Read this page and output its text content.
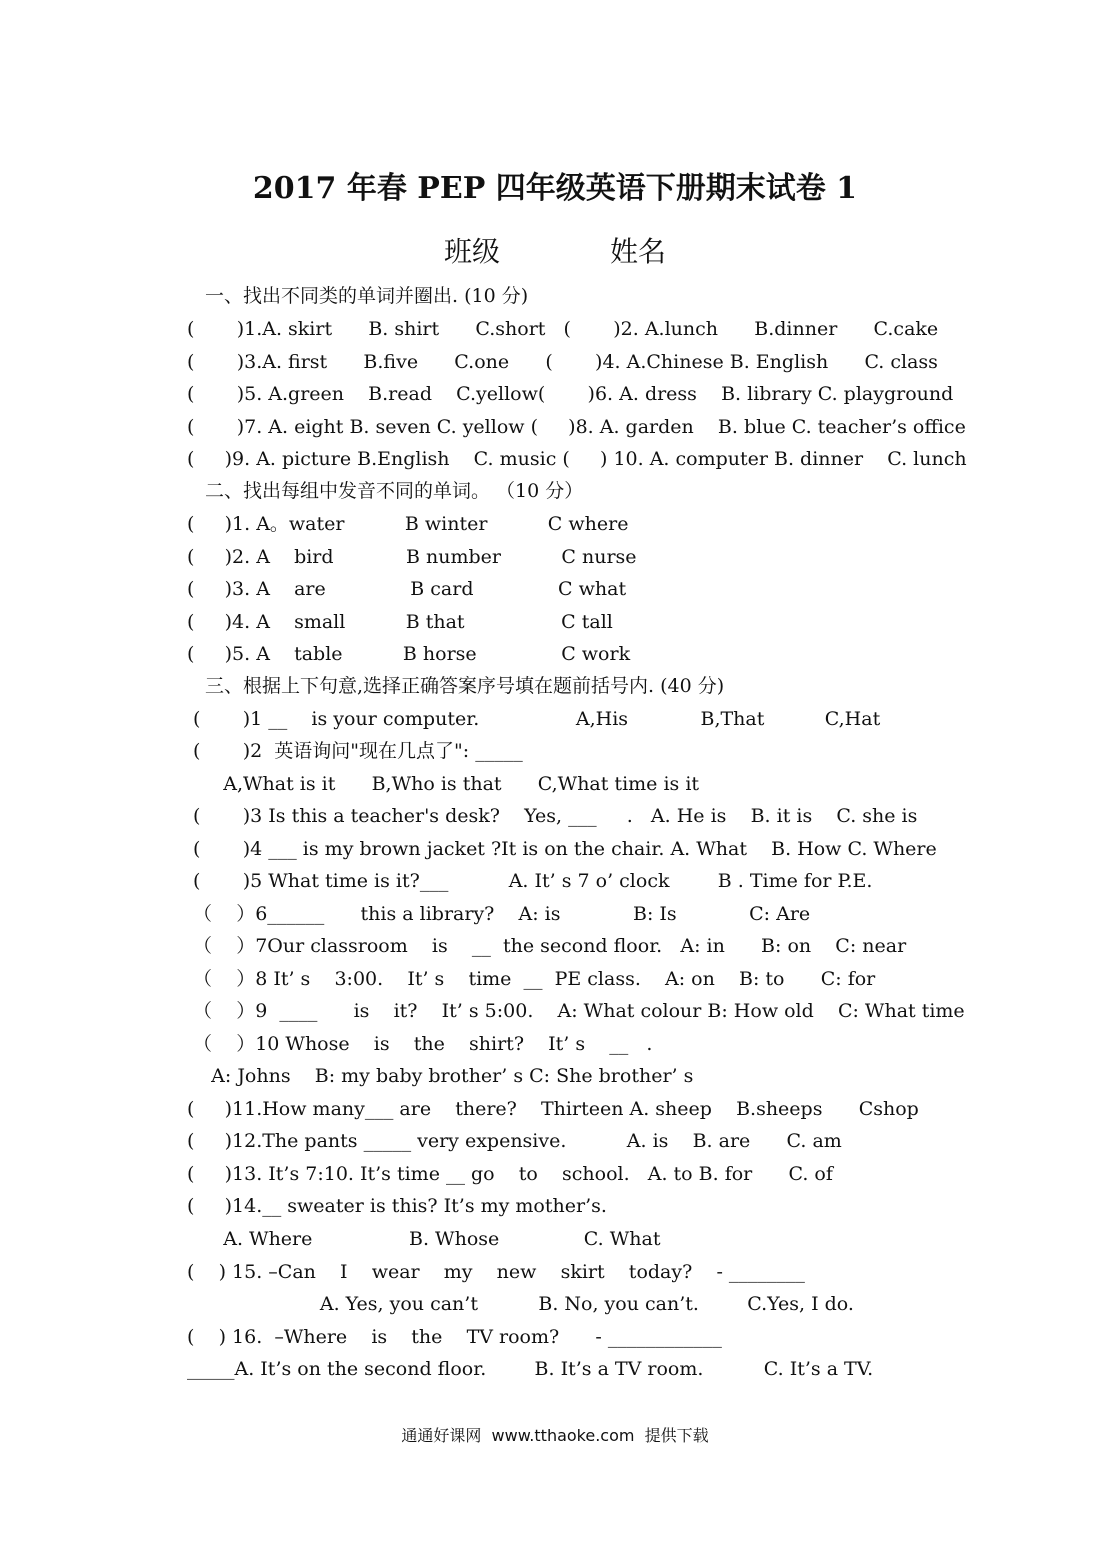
2017 年春 PEP 四年级英语下册期末试卷 1
班级	姓名
一、找出不同类的单词并圈出. (10 分)
(       )1.A. skirt      B. shirt      C.short   (       )2. A.lunch      B.dinner      C.cake
(       )3.A. first      B.five      C.one      (       )4. A.Chinese B. English      C. class
(       )5. A.green    B.read    C.yellow(       )6. A. dress    B. library C. playground
(       )7. A. eight B. seven C. yellow (     )8. A. garden    B. blue C. teacher’s office
(     )9. A. picture B.English    C. music (     ) 10. A. computer B. dinner    C. lunch
二、找出每组中发音不同的单词。 （10 分）
(     )1. A。water          B winter          C where
(     )2. A    bird            B number          C nurse
(     )3. A    are              B card              C what
(     )4. A    small          B that                C tall
(     )5. A    table          B horse              C work
三、根据上下句意,选择正确答案序号填在题前括号内. (40 分)
(       )1 __    is your computer.                A,His            B,That          C,Hat
(       )2  英语询问"现在几点了": _____
A,What is it      B,Who is that      C,What time is it
(       )3 Is this a teacher's desk?    Yes, ___     .   A. He is    B. it is    C. she is
(       )4 ___ is my brown jacket ?It is on the chair. A. What    B. How C. Where
(       )5 What time is it?___          A. It’ s 7 o’ clock        B . Time for P.E.
（    ）6______      this a library?    A: is            B: Is            C: Are
（    ）7Our classroom    is    __  the second floor.   A: in      B: on    C: near
（    ）8 It’ s    3:00.    It’ s    time  __  PE class.    A: on    B: to      C: for
（    ）9  ____      is    it?    It’ s 5:00.    A: What colour B: How old    C: What time
（    ）10 Whose    is    the    shirt?    It’ s    __   .
A: Johns    B: my baby brother’ s C: She brother’ s
(     )11.How many___ are    there?    Thirteen A. sheep    B.sheeps      Cshop
(     )12.The pants _____ very expensive.          A. is    B. are      C. am
(     )13. It’s 7:10. It’s time __ go    to    school.   A. to B. for      C. of
(     )14.__ sweater is this? It’s my mother’s.
A. Where                B. Whose              C. What
(    ) 15. –Can    I    wear    my    new    skirt    today?    - ________
A. Yes, you can’t          B. No, you can’t.        C.Yes, I do.
(    ) 16.  –Where    is    the    TV room?      - ____________
_____A. It’s on the second floor.        B. It’s a TV room.          C. It’s a TV.
通通好课网  www.tthaoke.com  提供下载
